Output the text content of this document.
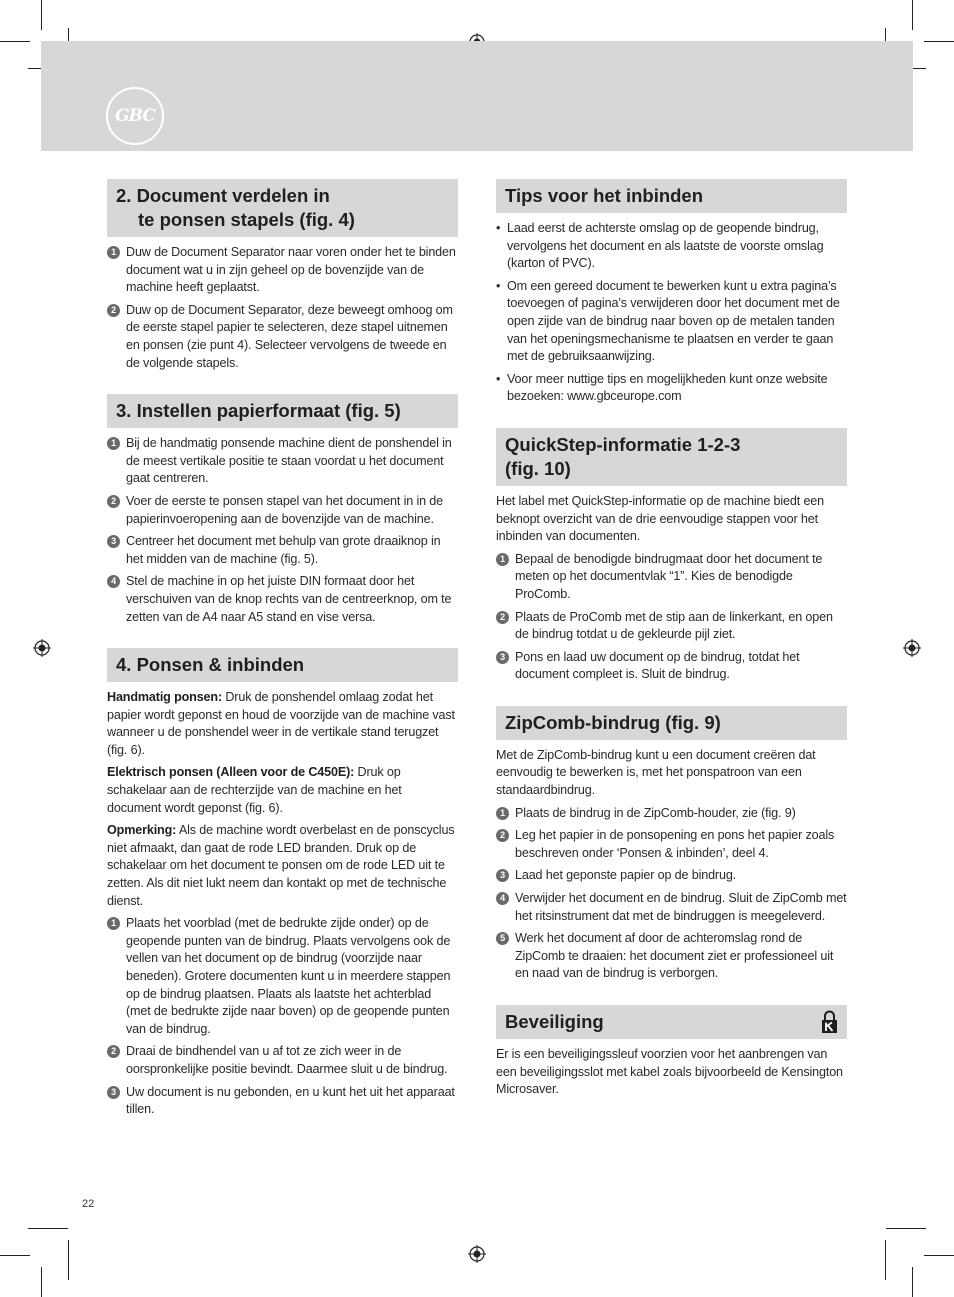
GBC
2. Document verdelen in
te ponsen stapels (fig. 4)
1 Duw de Document Separator naar voren onder het te binden document wat u in zijn geheel op de bovenzijde van de machine heeft geplaatst.
2 Duw op de Document Separator, deze beweegt omhoog om de eerste stapel papier te selecteren, deze stapel uitnemen en ponsen (zie punt 4). Selecteer vervolgens de tweede en de volgende stapels.
3. Instellen papierformaat (fig. 5)
1 Bij de handmatig ponsende machine dient de ponshendel in de meest vertikale positie te staan voordat u het document gaat centreren.
2 Voer de eerste te ponsen stapel van het document in in de papierinvoeropening aan de bovenzijde van de machine.
3 Centreer het document met behulp van grote draaiknop in het midden van de machine (fig. 5).
4 Stel de machine in op het juiste DIN formaat door het verschuiven van de knop rechts van de centreerknop, om te zetten van de A4 naar A5 stand en vise versa.
4. Ponsen & inbinden

Handmatig ponsen: Druk de ponshendel omlaag zodat het papier wordt geponst en houd de voorzijde van de machine vast wanneer u de ponshendel weer in de vertikale stand terugzet (fig. 6).

Elektrisch ponsen (Alleen voor de C450E): Druk op schakelaar aan de rechterzijde van de machine en het document wordt geponst (fig. 6).

Opmerking: Als de machine wordt overbelast en de ponscyclus niet afmaakt, dan gaat de rode LED branden. Druk op de schakelaar om het document te ponsen om de rode LED uit te zetten. Als dit niet lukt neem dan kontakt op met de technische dienst.

1 Plaats het voorblad (met de bedrukte zijde onder) op de geopende punten van de bindrug. Plaats vervolgens ook de vellen van het document op de bindrug (voorzijde naar beneden). Grotere documenten kunt u in meerdere stappen op de bindrug plaatsen. Plaats als laatste het achterblad (met de bedrukte zijde naar boven) op de geopende punten van de bindrug.
2 Draai de bindhendel van u af tot ze zich weer in de oorspronkelijke positie bevindt. Daarmee sluit u de bindrug.
3 Uw document is nu gebonden, en u kunt het uit het apparaat tillen.
Tips voor het inbinden
• Laad eerst de achterste omslag op de geopende bindrug, vervolgens het document en als laatste de voorste omslag (karton of PVC).
• Om een gereed document te bewerken kunt u extra pagina’s toevoegen of pagina’s verwijderen door het document met de open zijde van de bindrug naar boven op de metalen tanden van het openingsmechanisme te plaatsen en verder te gaan met de gebruiksaanwijzing.
• Voor meer nuttige tips en mogelijkheden kunt onze website bezoeken: www.gbceurope.com
QuickStep-informatie 1-2-3
(fig. 10)

Het label met QuickStep-informatie op de machine biedt een beknopt overzicht van de drie eenvoudige stappen voor het inbinden van documenten.

1 Bepaal de benodigde bindrugmaat door het document te meten op het documentvlak “1”. Kies de benodigde ProComb.
2 Plaats de ProComb met de stip aan de linkerkant, en open de bindrug totdat u de gekleurde pijl ziet.
3 Pons en laad uw document op de bindrug, totdat het document compleet is. Sluit de bindrug.
ZipComb-bindrug (fig. 9)

Met de ZipComb-bindrug kunt u een document creëren dat eenvoudig te bewerken is, met het ponspatroon van een standaardbindrug.

1 Plaats de bindrug in de ZipComb-houder, zie (fig. 9)
2 Leg het papier in de ponsopening en pons het papier zoals beschreven onder ‘Ponsen & inbinden’, deel 4.
3 Laad het geponste papier op de bindrug.
4 Verwijder het document en de bindrug. Sluit de ZipComb met het ritsinstrument dat met de bindruggen is meegeleverd.
5 Werk het document af door de achteromslag rond de ZipComb te draaien: het document ziet er professioneel uit en naad van de bindrug is verborgen.
Beveiliging

Er is een beveiligingssleuf voorzien voor het aanbrengen van een beveiligingsslot met kabel zoals bijvoorbeeld de Kensington Microsaver.

22
